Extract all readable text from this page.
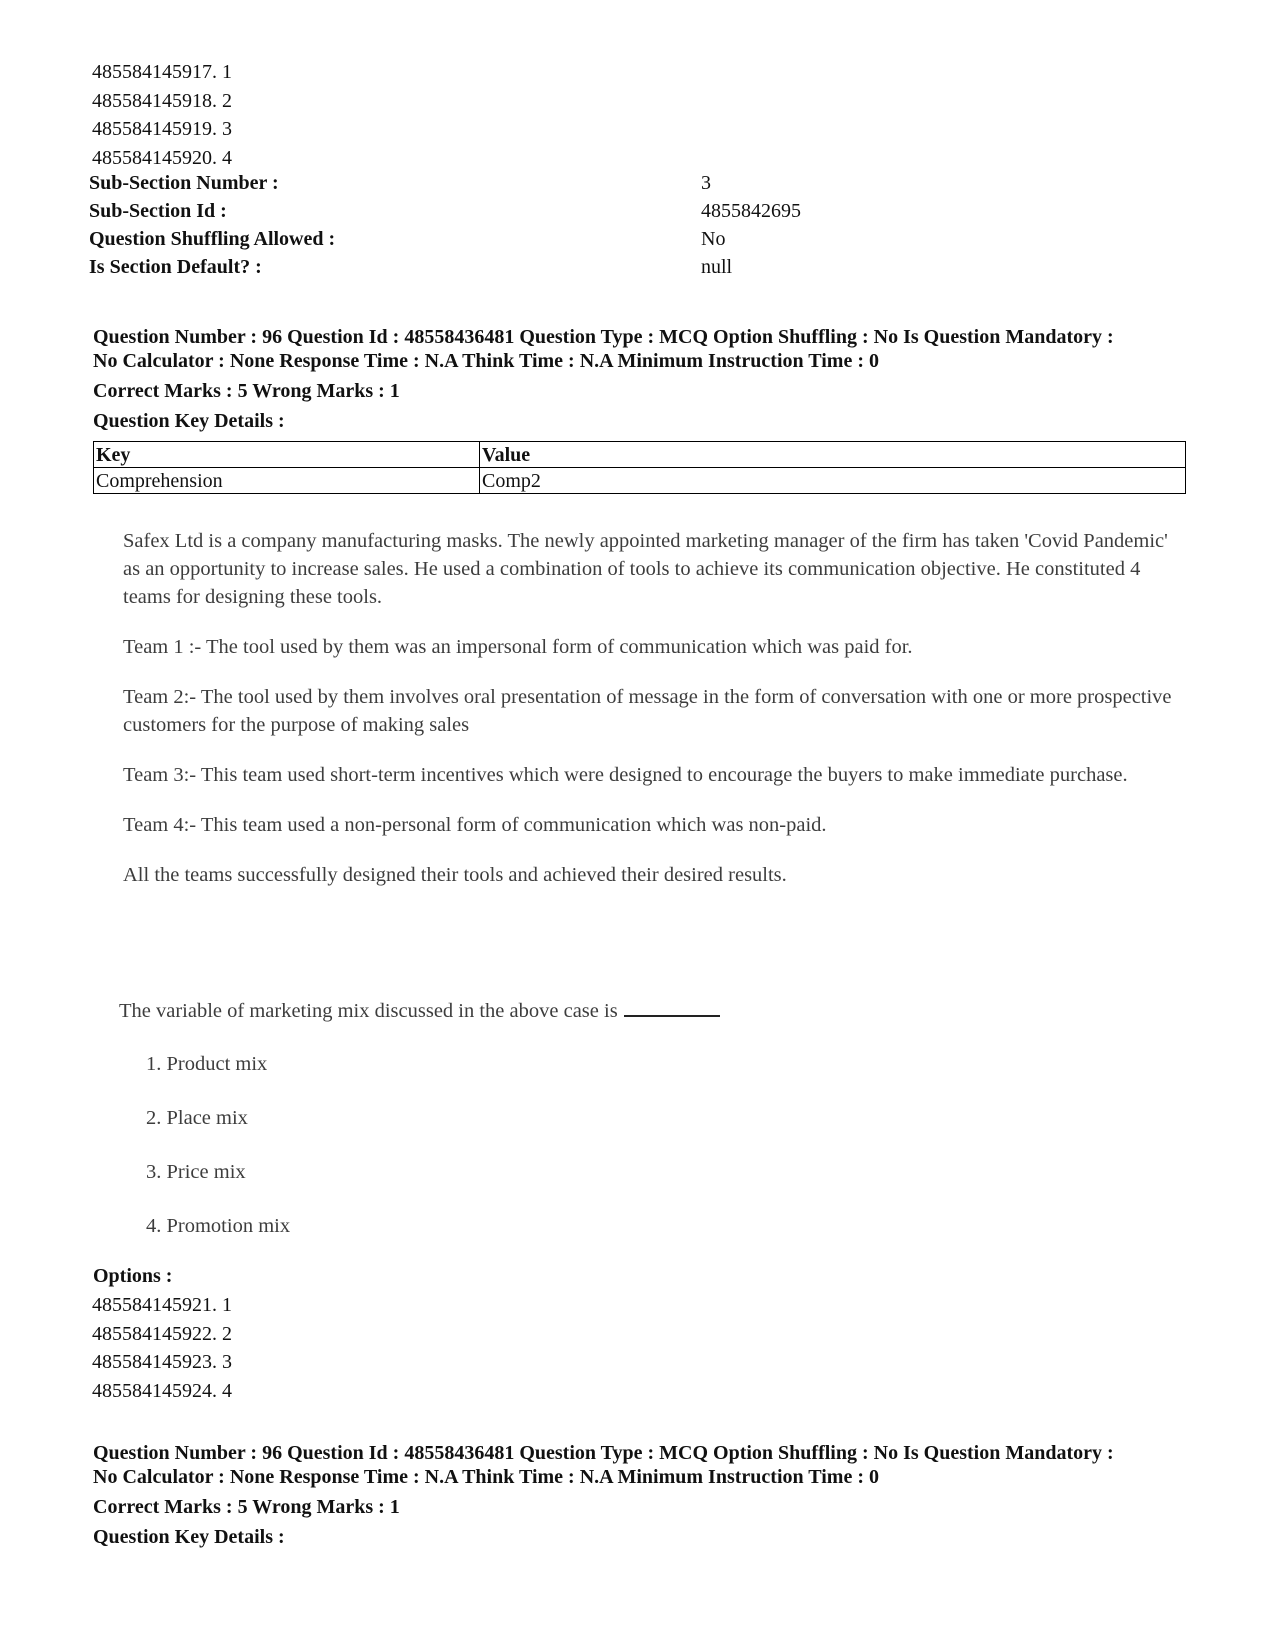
485584145917. 1
485584145918. 2
485584145919. 3
485584145920. 4
Sub-Section Number :	3
Sub-Section Id :	4855842695
Question Shuffling Allowed :	No
Is Section Default? :	null
Question Number : 96 Question Id : 48558436481 Question Type : MCQ Option Shuffling : No Is Question Mandatory :
No Calculator : None Response Time : N.A Think Time : N.A Minimum Instruction Time : 0
Correct Marks : 5 Wrong Marks : 1
Question Key Details :
Key	Value
Comprehension	Comp2

Safex Ltd is a company manufacturing masks. The newly appointed marketing manager of the firm has taken 'Covid Pandemic' as an opportunity to increase sales. He used a combination of tools to achieve its communication objective. He constituted 4 teams for designing these tools.

Team 1 :- The tool used by them was an impersonal form of communication which was paid for.

Team 2:- The tool used by them involves oral presentation of message in the form of conversation with one or more prospective customers for the purpose of making sales

Team 3:- This team used short-term incentives which were designed to encourage the buyers to make immediate purchase.

Team 4:- This team used a non-personal form of communication which was non-paid.

All the teams successfully designed their tools and achieved their desired results.

The variable of marketing mix discussed in the above case is
1. Product mix
2. Place mix
3. Price mix
4. Promotion mix
Options :
485584145921. 1
485584145922. 2
485584145923. 3
485584145924. 4
Question Number : 96 Question Id : 48558436481 Question Type : MCQ Option Shuffling : No Is Question Mandatory :
No Calculator : None Response Time : N.A Think Time : N.A Minimum Instruction Time : 0
Correct Marks : 5 Wrong Marks : 1
Question Key Details :
